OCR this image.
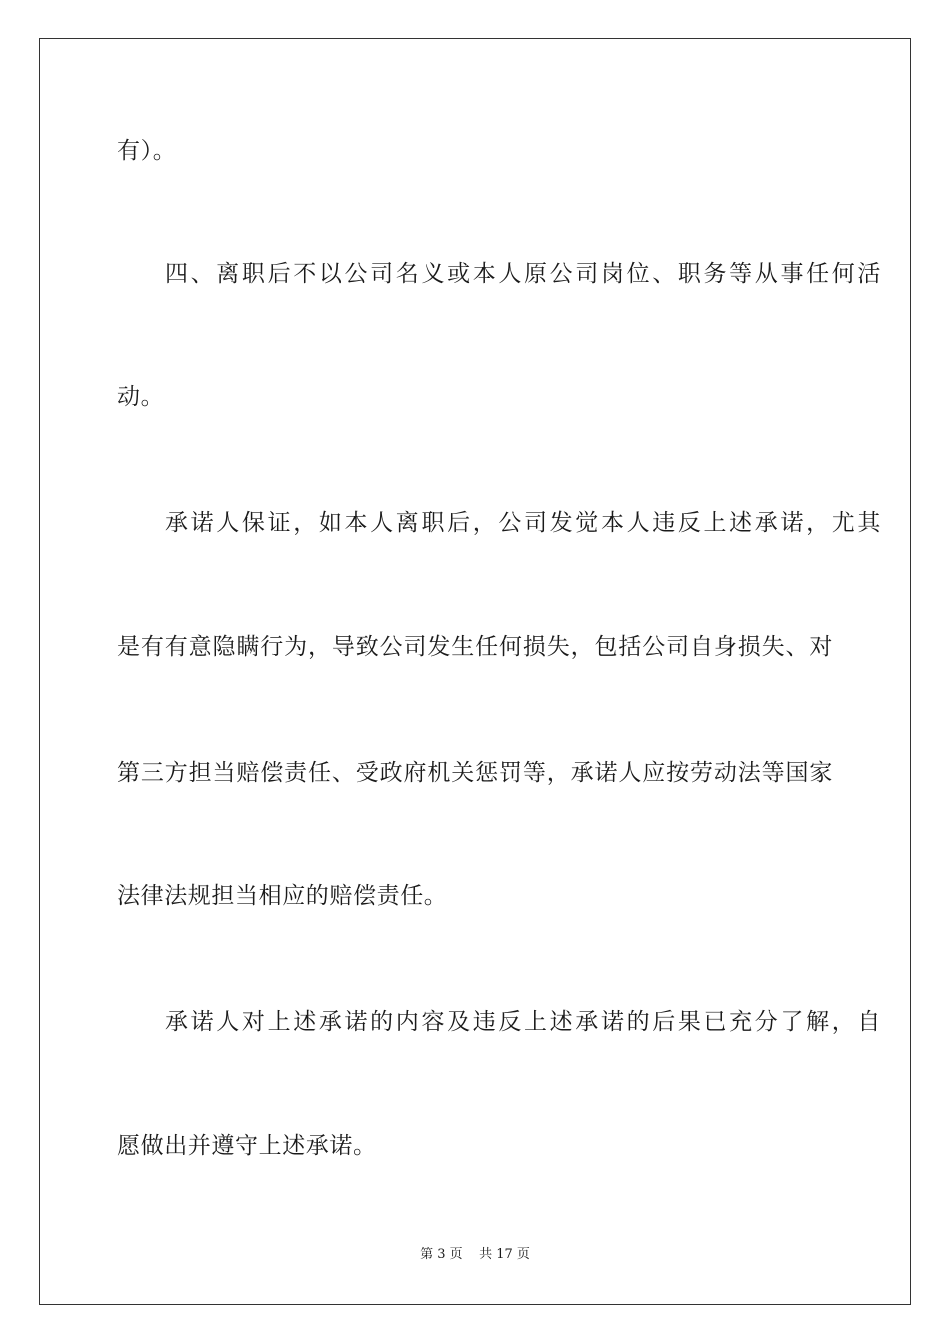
有）。
四、离职后不以公司名义或本人原公司岗位、职务等从事任何活
动。
承诺人保证，如本人离职后，公司发觉本人违反上述承诺，尤其
是有有意隐瞒行为，导致公司发生任何损失，包括公司自身损失、对
第三方担当赔偿责任、受政府机关惩罚等，承诺人应按劳动法等国家
法律法规担当相应的赔偿责任。
承诺人对上述承诺的内容及违反上述承诺的后果已充分了解，自
愿做出并遵守上述承诺。
第 3 页    共 17 页
